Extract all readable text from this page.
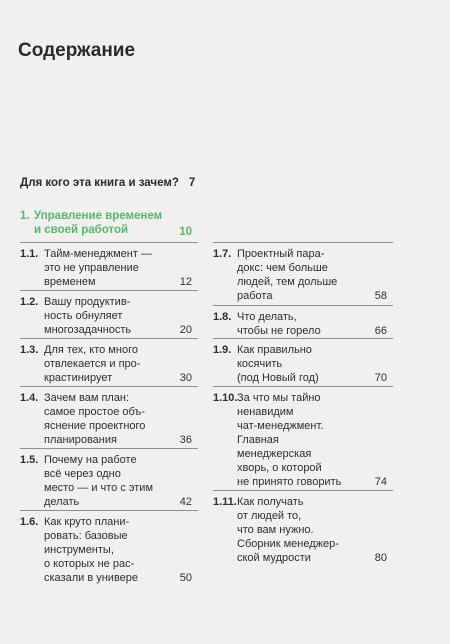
Содержание
Для кого эта книга и зачем? 7
1. Управление временем и своей работой	10
1.1. Тайм-менеджмент —
это не управление
временем	12
1.2. Вашу продуктив-
ность обнуляет
многозадачность	20
1.3. Для тех, кто много
отвлекается и про-
крастинирует	30
1.4. Зачем вам план:
самое простое объ-
яснение проектного
планирования	36
1.5. Почему на работе
всё через одно
место — и что с этим
делать	42
1.6. Как круто плани-
ровать: базовые
инструменты,
о которых не рас-
сказали в универе	50
1.7. Проектный пара-
докс: чем больше
людей, тем дольше
работа	58
1.8. Что делать,
чтобы не горело	66
1.9. Как правильно
косячить
(под Новый год)	70
1.10. За что мы тайно
ненавидим
чат-менеджмент.
Главная
менеджерская
хворь, о которой
не принято говорить	74
1.11. Как получать
от людей то,
что вам нужно.
Сборник менеджер-
ской мудрости	80
